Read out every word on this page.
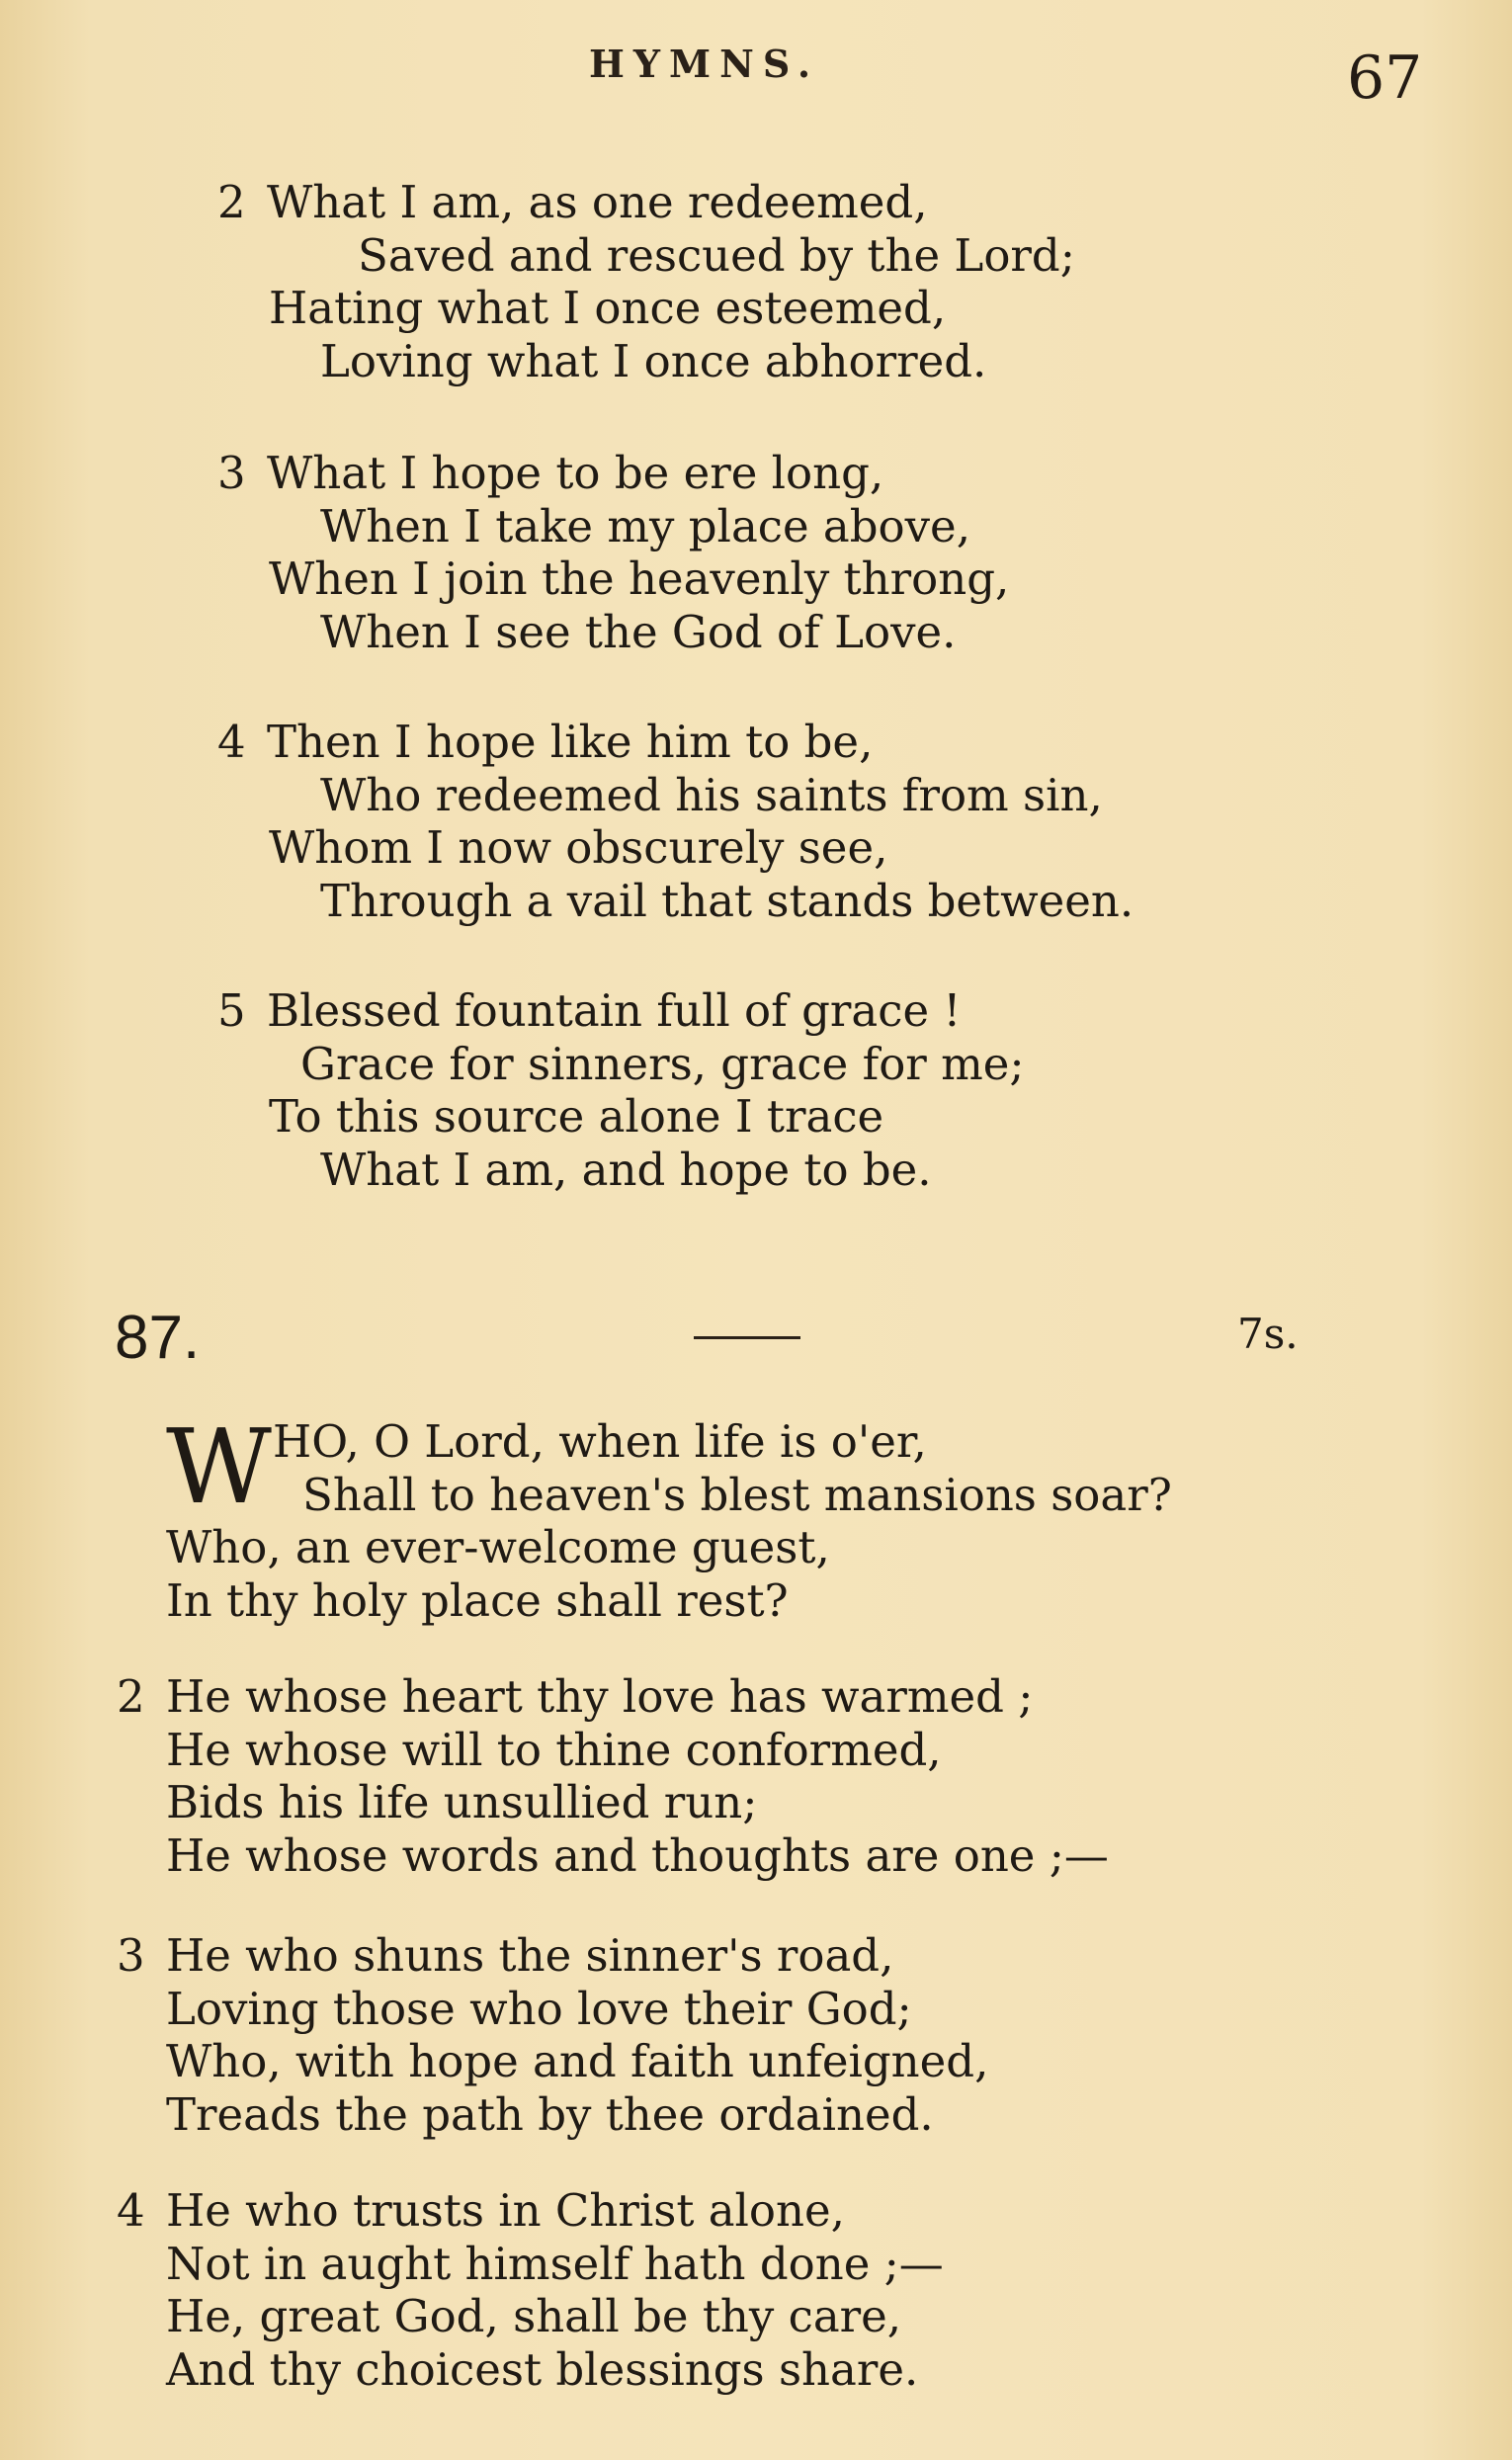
HYMNS.	67
2 What I am, as one redeemed,
Saved and rescued by the Lord;
Hating what I once esteemed,
Loving what I once abhorred.
3 What I hope to be ere long,
When I take my place above,
When I join the heavenly throng,
When I see the God of Love.
4 Then I hope like him to be,
Who redeemed his saints from sin,
Whom I now obscurely see,
Through a vail that stands between.
5 Blessed fountain full of grace !
Grace for sinners, grace for me;
To this source alone I trace
What I am, and hope to be.
87.	7s.
W HO, O Lord, when life is o'er,
Shall to heaven's blest mansions soar?
Who, an ever-welcome guest,
In thy holy place shall rest?
2 He whose heart thy love has warmed ;
He whose will to thine conformed,
Bids his life unsullied run;
He whose words and thoughts are one ;—
3 He who shuns the sinner's road,
Loving those who love their God;
Who, with hope and faith unfeigned,
Treads the path by thee ordained.
4 He who trusts in Christ alone,
Not in aught himself hath done ;—
He, great God, shall be thy care,
And thy choicest blessings share.
